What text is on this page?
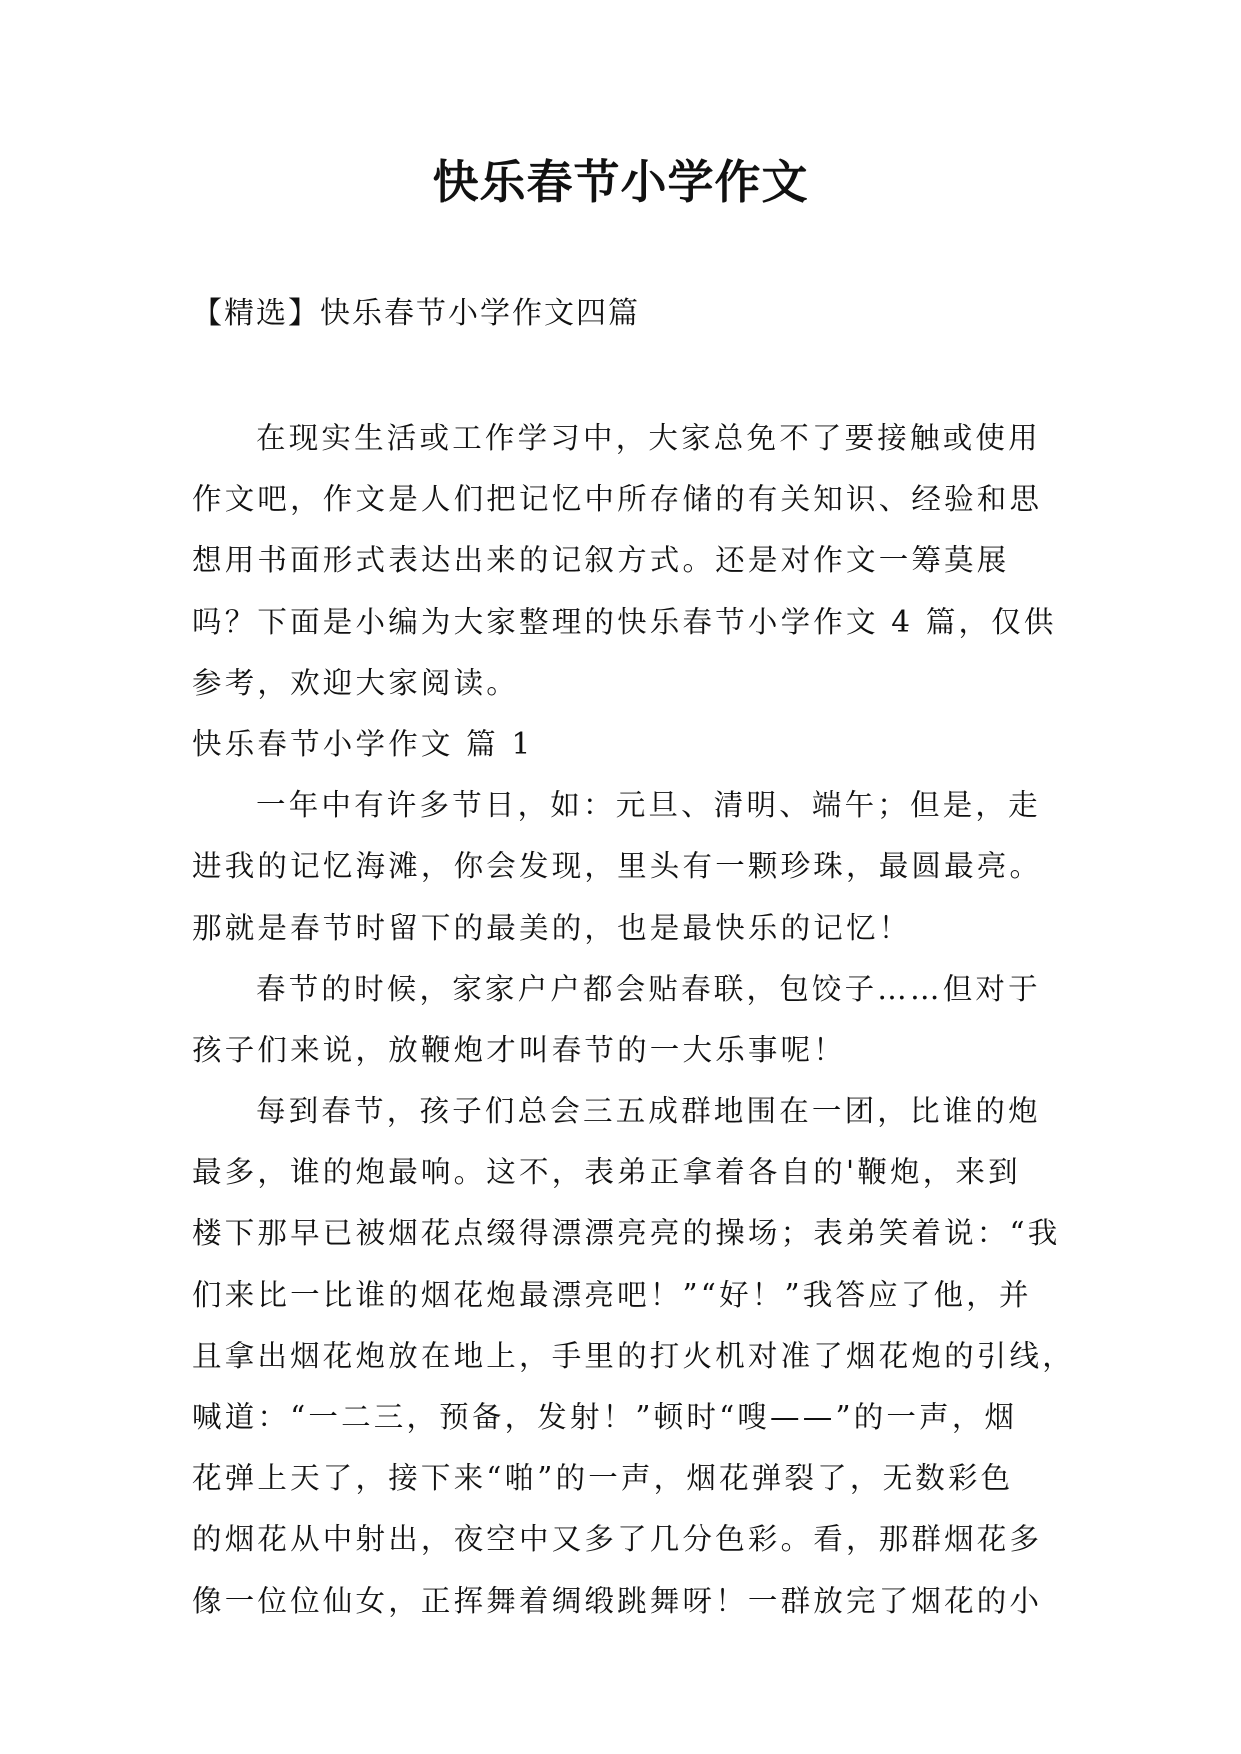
快乐春节小学作文
【精选】快乐春节小学作文四篇
在现实生活或工作学习中，大家总免不了要接触或使用
作文吧，作文是人们把记忆中所存储的有关知识、经验和思
想用书面形式表达出来的记叙方式。还是对作文一筹莫展
吗？下面是小编为大家整理的快乐春节小学作文 4 篇，仅供
参考，欢迎大家阅读。
快乐春节小学作文 篇 1
一年中有许多节日，如：元旦、清明、端午；但是，走
进我的记忆海滩，你会发现，里头有一颗珍珠，最圆最亮。
那就是春节时留下的最美的，也是最快乐的记忆！
春节的时候，家家户户都会贴春联，包饺子……但对于
孩子们来说，放鞭炮才叫春节的一大乐事呢！
每到春节，孩子们总会三五成群地围在一团，比谁的炮
最多，谁的炮最响。这不，表弟正拿着各自的'鞭炮，来到
楼下那早已被烟花点缀得漂漂亮亮的操场；表弟笑着说：“我
们来比一比谁的烟花炮最漂亮吧！”“好！”我答应了他，并
且拿出烟花炮放在地上，手里的打火机对准了烟花炮的引线，
喊道：“一二三，预备，发射！”顿时“嗖——”的一声，烟
花弹上天了，接下来“啪”的一声，烟花弹裂了，无数彩色
的烟花从中射出，夜空中又多了几分色彩。看，那群烟花多
像一位位仙女，正挥舞着绸缎跳舞呀！一群放完了烟花的小
